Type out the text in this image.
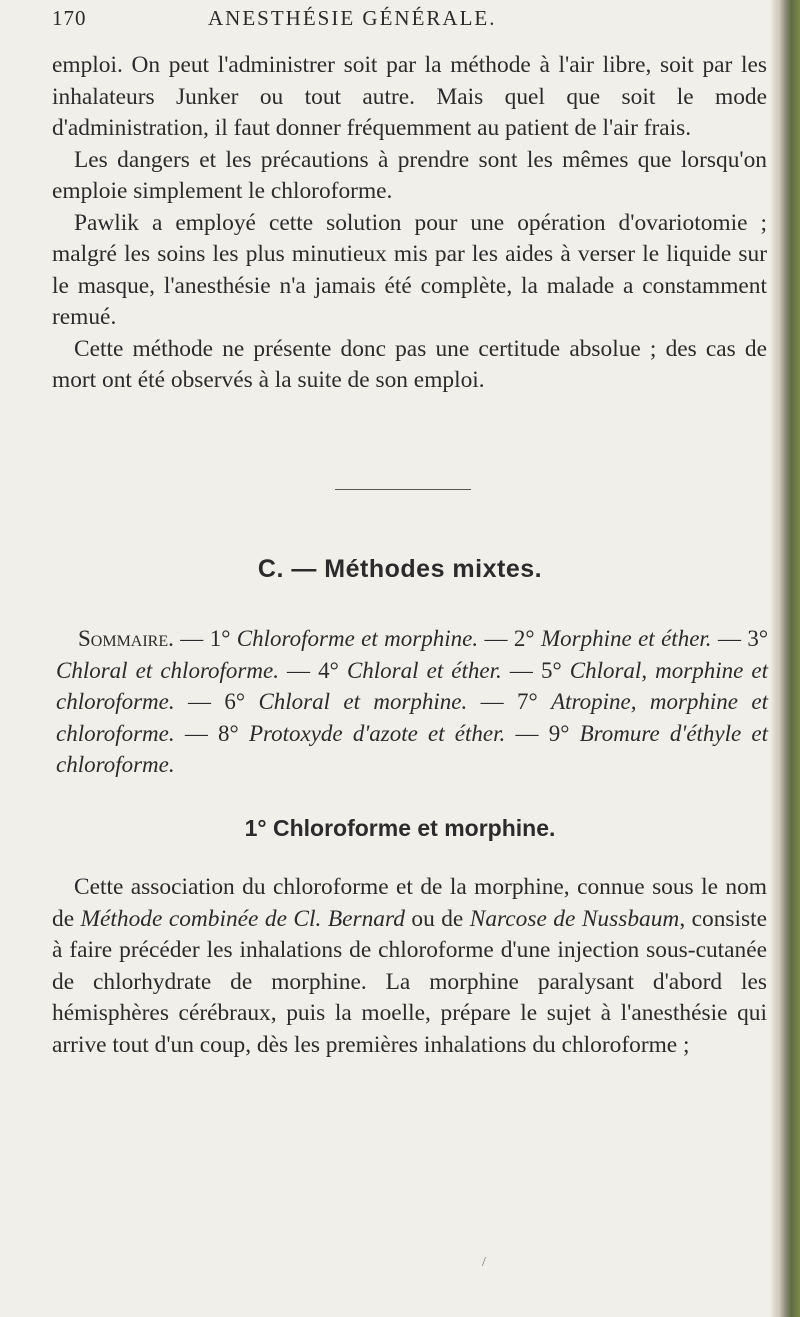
170	ANESTHÉSIE GÉNÉRALE.

emploi. On peut l'administrer soit par la méthode à l'air libre, soit par les inhalateurs Junker ou tout autre. Mais quel que soit le mode d'administration, il faut donner fréquemment au patient de l'air frais.

Les dangers et les précautions à prendre sont les mêmes que lorsqu'on emploie simplement le chloroforme.

Pawlik a employé cette solution pour une opération d'ovariotomie ; malgré les soins les plus minutieux mis par les aides à verser le liquide sur le masque, l'anesthésie n'a jamais été complète, la malade a constamment remué.

Cette méthode ne présente donc pas une certitude absolue ; des cas de mort ont été observés à la suite de son emploi.

C. — Méthodes mixtes.
Sommaire. — 1° Chloroforme et morphine. — 2° Morphine et éther. — 3° Chloral et chloroforme. — 4° Chloral et éther. — 5° Chloral, morphine et chloroforme. — 6° Chloral et morphine. — 7° Atropine, morphine et chloroforme. — 8° Protoxyde d'azote et éther. — 9° Bromure d'éthyle et chloroforme.
1° Chloroforme et morphine.

Cette association du chloroforme et de la morphine, connue sous le nom de Méthode combinée de Cl. Bernard ou de Narcose de Nussbaum, consiste à faire précéder les inhalations de chloroforme d'une injection sous-cutanée de chlorhydrate de morphine. La morphine paralysant d'abord les hémisphères cérébraux, puis la moelle, prépare le sujet à l'anesthésie qui arrive tout d'un coup, dès les premières inhalations du chloroforme ;

/
